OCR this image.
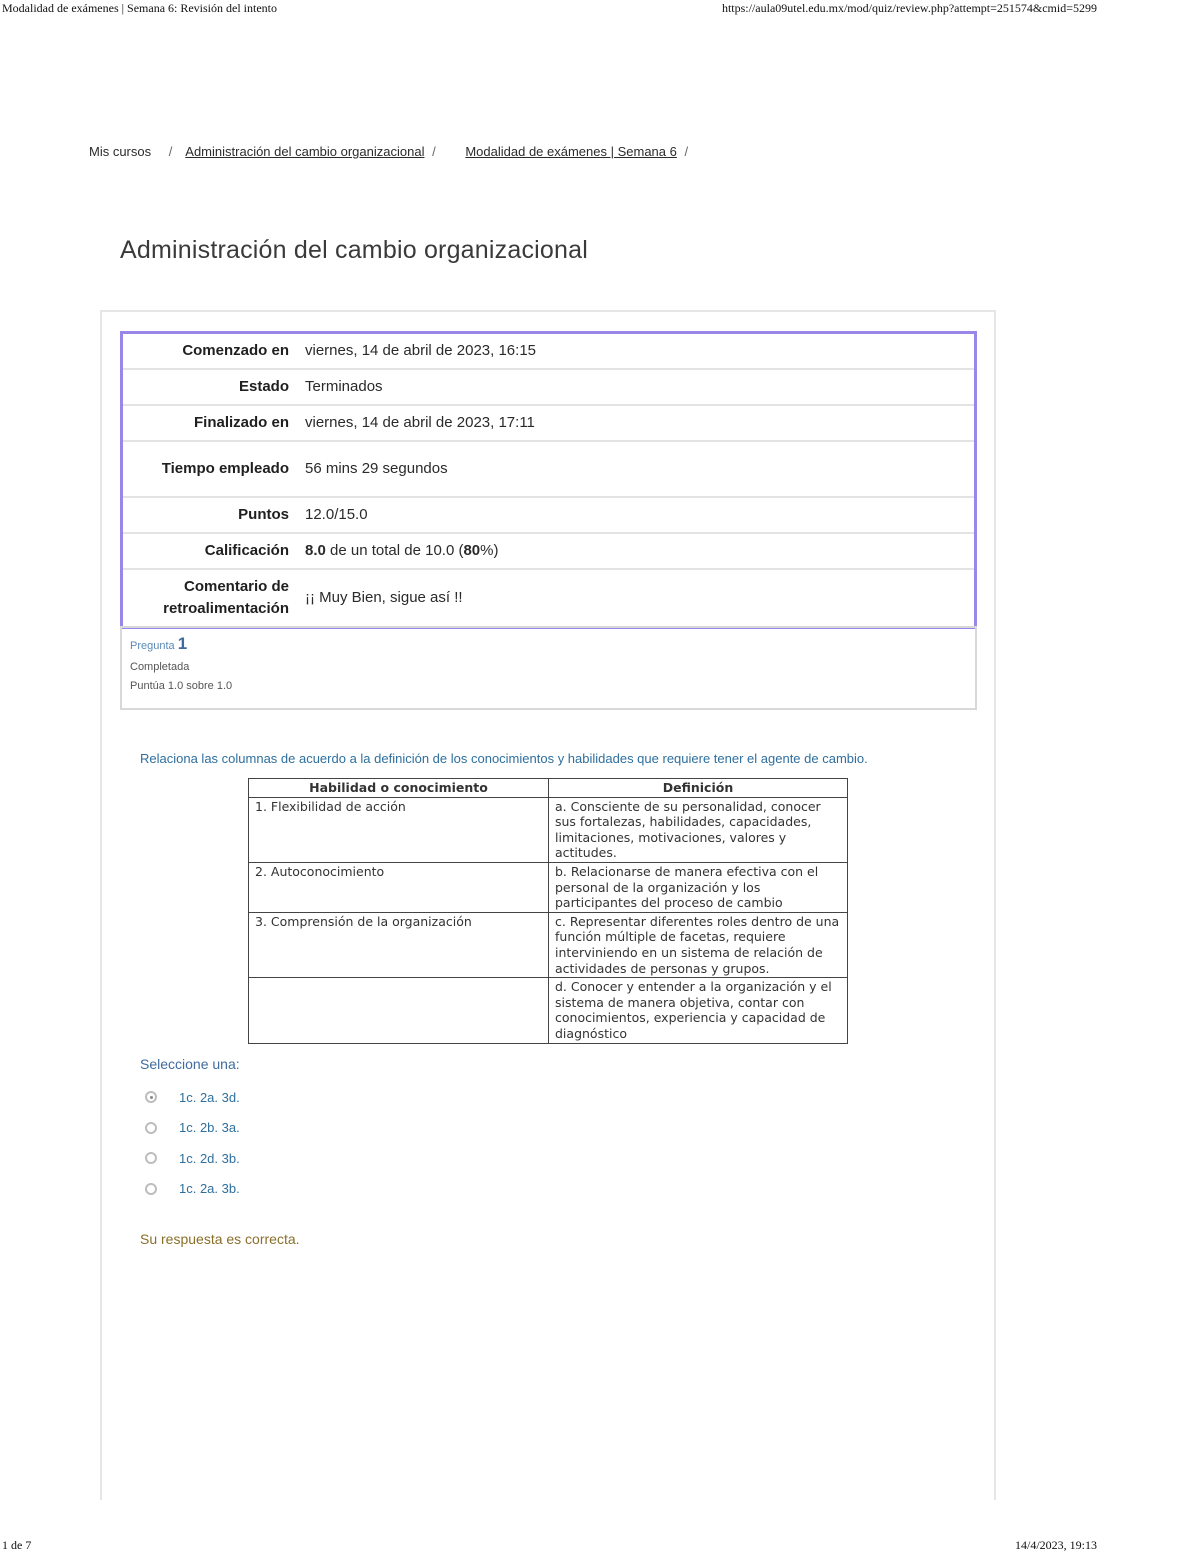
Modalidad de exámenes | Semana 6: Revisión del intento	https://aula09utel.edu.mx/mod/quiz/review.php?attempt=251574&cmid=5299
Mis cursos / Administración del cambio organizacional / Modalidad de exámenes | Semana 6 /
Administración del cambio organizacional
Comenzado en	viernes, 14 de abril de 2023, 16:15
Estado	Terminados
Finalizado en	viernes, 14 de abril de 2023, 17:11
Tiempo empleado	56 mins 29 segundos
Puntos	12.0/15.0
Calificación	8.0 de un total de 10.0 (80%)
Comentario de retroalimentación	¡¡ Muy Bien, sigue así !!
Pregunta 1
Completada
Puntúa 1.0 sobre 1.0
Relaciona las columnas de acuerdo a la definición de los conocimientos y habilidades que requiere tener el agente de cambio.
Habilidad o conocimiento	Definición
1. Flexibilidad de acción	a. Consciente de su personalidad, conocer sus fortalezas, habilidades, capacidades, limitaciones, motivaciones, valores y actitudes.
2. Autoconocimiento	b. Relacionarse de manera efectiva con el personal de la organización y los participantes del proceso de cambio
3. Comprensión de la organización	c. Representar diferentes roles dentro de una función múltiple de facetas, requiere interviniendo en un sistema de relación de actividades de personas y grupos.
	d. Conocer y entender a la organización y el sistema de manera objetiva, contar con conocimientos, experiencia y capacidad de diagnóstico
Seleccione una:
1c. 2a. 3d.
1c. 2b. 3a.
1c. 2d. 3b.
1c. 2a. 3b.
Su respuesta es correcta.
1 de 7	14/4/2023, 19:13
